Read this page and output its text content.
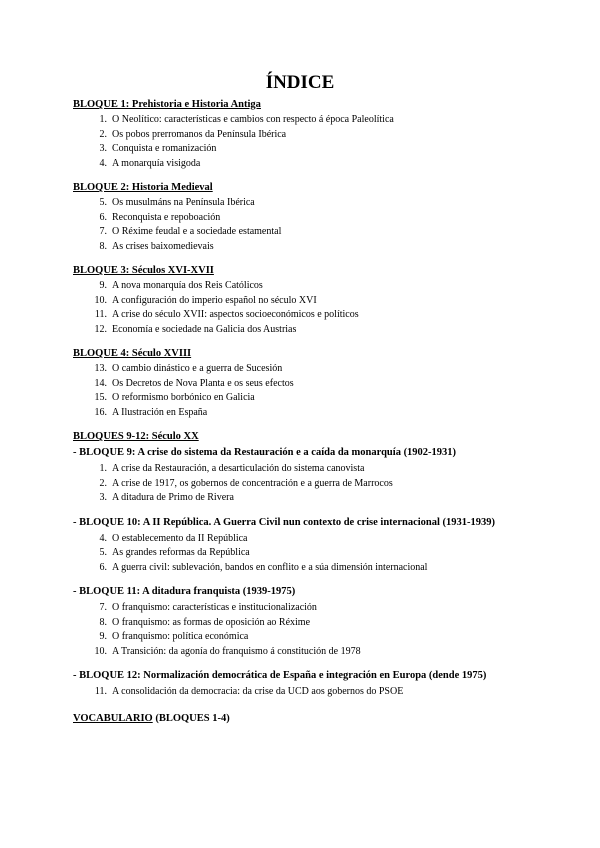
ÍNDICE
BLOQUE 1: Prehistoria e Historia Antiga
1. O Neolítico: características e cambios con respecto á época Paleolítica
2. Os pobos prerromanos da Península Ibérica
3. Conquista e romanización
4. A monarquía visigoda
BLOQUE 2: Historia Medieval
5. Os musulmáns na Península Ibérica
6. Reconquista e repoboación
7. O Réxime feudal e a sociedade estamental
8. As crises baixomedievais
BLOQUE 3: Séculos XVI-XVII
9. A nova monarquía dos Reis Católicos
10. A configuración do imperio español no século XVI
11. A crise do século XVII: aspectos socioeconómicos e políticos
12. Economía e sociedade na Galicia dos Austrias
BLOQUE 4: Século XVIII
13. O cambio dinástico e a guerra de Sucesión
14. Os Decretos de Nova Planta e os seus efectos
15. O reformismo borbónico en Galicia
16. A Ilustración en España
BLOQUES 9-12: Século XX
- BLOQUE 9: A crise do sistema da Restauración e a caída da monarquía (1902-1931)
1. A crise da Restauración, a desarticulación do sistema canovista
2. A crise de 1917, os gobernos de concentración e a guerra de Marrocos
3. A ditadura de Primo de Rivera
- BLOQUE 10: A II República. A Guerra Civil nun contexto de crise internacional (1931-1939)
4. O establecemento da II República
5. As grandes reformas da República
6. A guerra civil: sublevación, bandos en conflito e a súa dimensión internacional
- BLOQUE 11: A ditadura franquista (1939-1975)
7. O franquismo: características e institucionalización
8. O franquismo: as formas de oposición ao Réxime
9. O franquismo: política económica
10. A Transición: da agonía do franquismo á constitución de 1978
- BLOQUE 12: Normalización democrática de España e integración en Europa (dende 1975)
11. A consolidación da democracia: da crise da UCD aos gobernos do PSOE
VOCABULARIO (BLOQUES 1-4)
